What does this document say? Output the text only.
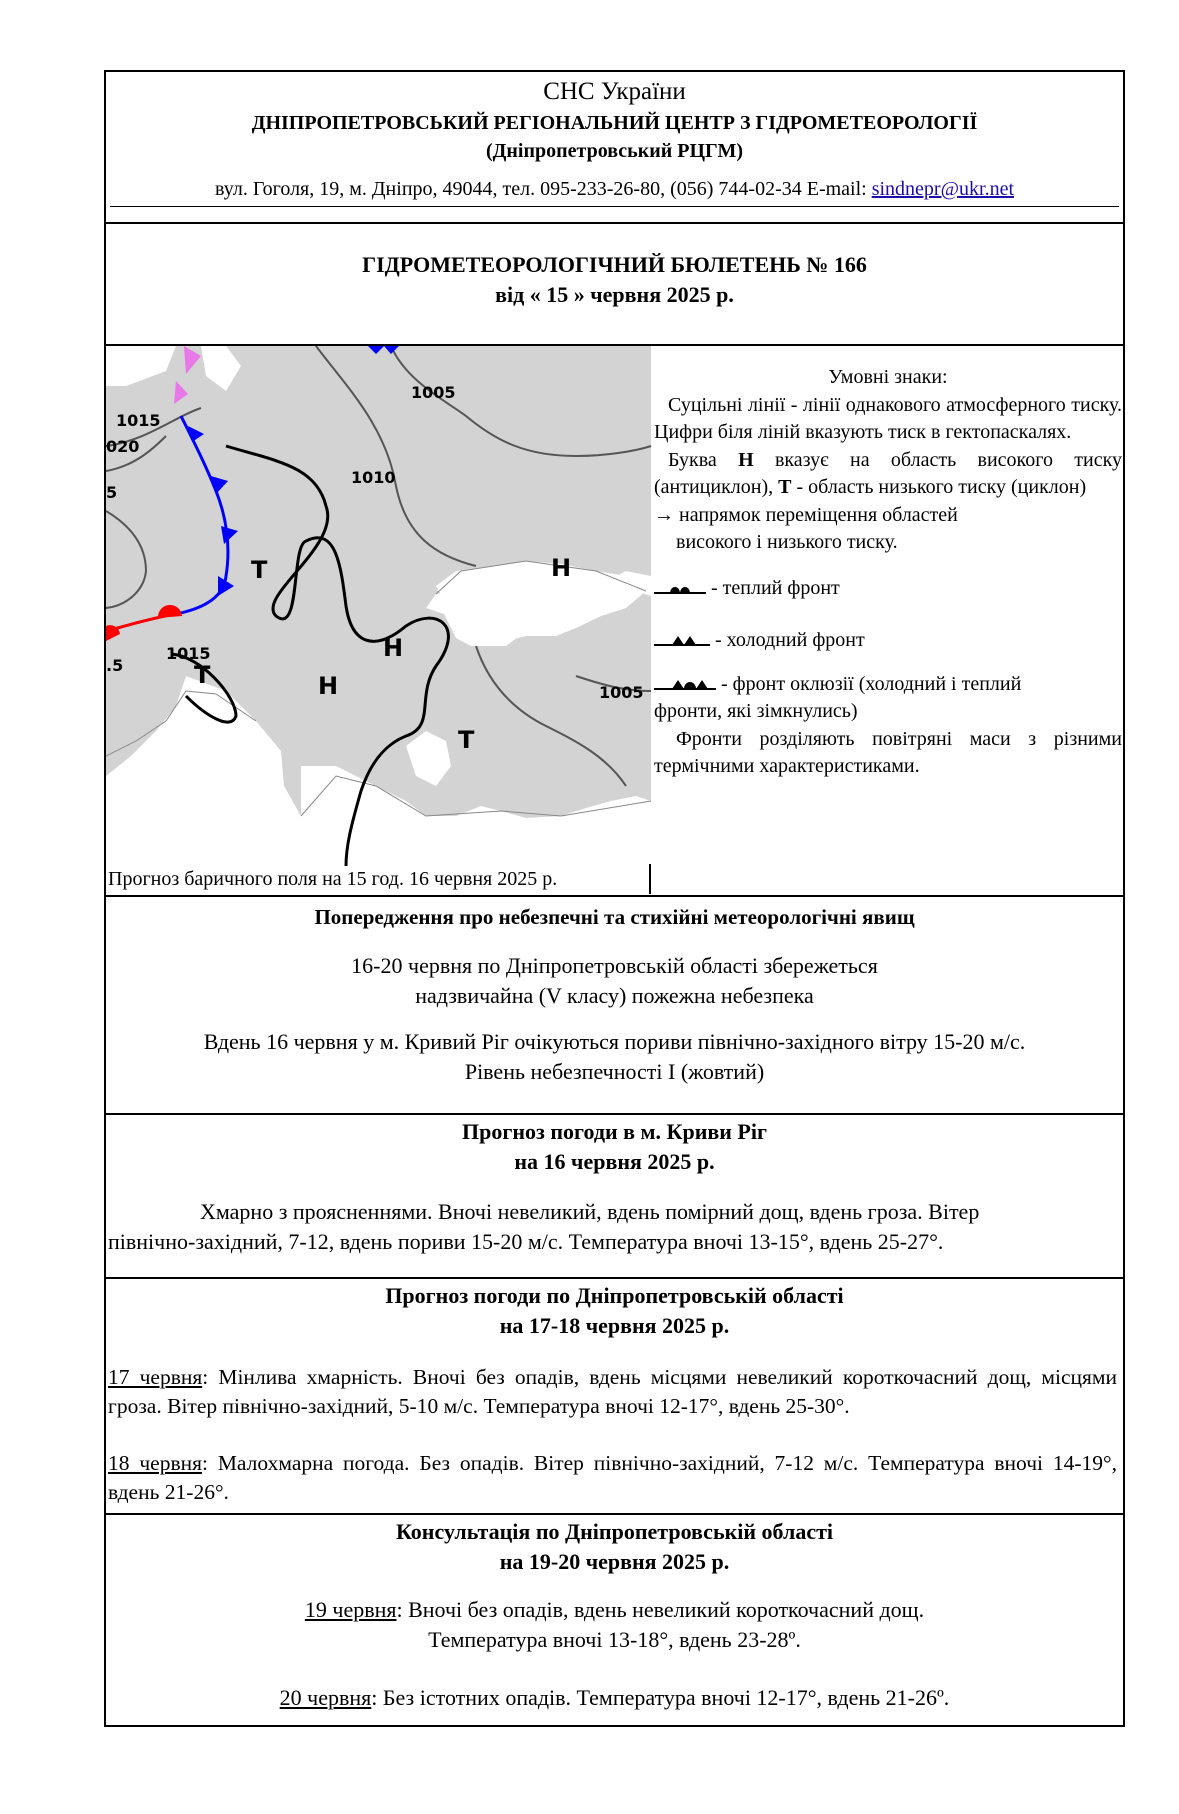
СНС України
ДНІПРОПЕТРОВСЬКИЙ РЕГІОНАЛЬНИЙ ЦЕНТР З ГІДРОМЕТЕОРОЛОГІЇ
(Дніпропетровський РЦГМ)
вул. Гоголя, 19, м. Дніпро, 49044, тел. 095-233-26-80, (056) 744-02-34 E-mail: sindnepr@ukr.net
ГІДРОМЕТЕОРОЛОГІЧНИЙ БЮЛЕТЕНЬ № 166
від « 15 » червня 2025 р.
1005
1015
020
1010
1015
1005
5
.5
Т	Н
Т
Н
Н
Т
Прогноз баричного поля на 15 год. 16 червня 2025 р.
Умовні знаки:
Суцільні лінії - лінії однакового атмосферного тиску. Цифри біля ліній вказують тиск в гектопаскалях.
Буква Н вказує на область високого тиску (антициклон), Т - область низького тиску (циклон)
→ напрямок переміщення областей
високого і низького тиску.
- теплий фронт
- холодний фронт
- фронт оклюзії (холодний і теплий
фронти, які зімкнулись)
Фронти розділяють повітряні маси з різними термічними характеристиками.
Попередження про небезпечні та стихійні метеорологічні явищ
16-20 червня по Дніпропетровській області збережеться
надзвичайна (V класу) пожежна небезпека
Вдень 16 червня у м. Кривий Ріг очікуються пориви північно-західного вітру 15-20 м/с.
Рівень небезпечності І (жовтий)
Прогноз погоди в м. Криви Ріг
на 16 червня 2025 р.
Хмарно з проясненнями. Вночі невеликий, вдень помірний дощ, вдень гроза. Вітер
північно-західний, 7-12, вдень пориви 15-20 м/с. Температура вночі 13-15°, вдень 25-27°.
Прогноз погоди по Дніпропетровській області
на 17-18 червня 2025 р.
17 червня: Мінлива хмарність. Вночі без опадів, вдень місцями невеликий короткочасний дощ, місцями гроза. Вітер північно-західний, 5-10 м/с. Температура вночі 12-17°, вдень 25-30°.
18 червня: Малохмарна погода. Без опадів. Вітер північно-західний, 7-12 м/с. Температура вночі 14-19°, вдень 21-26°.
Консультація по Дніпропетровській області
на 19-20 червня 2025 р.
19 червня: Вночі без опадів, вдень невеликий короткочасний дощ.
Температура вночі 13-18°, вдень 23-28º.
20 червня: Без істотних опадів. Температура вночі 12-17°, вдень 21-26º.
